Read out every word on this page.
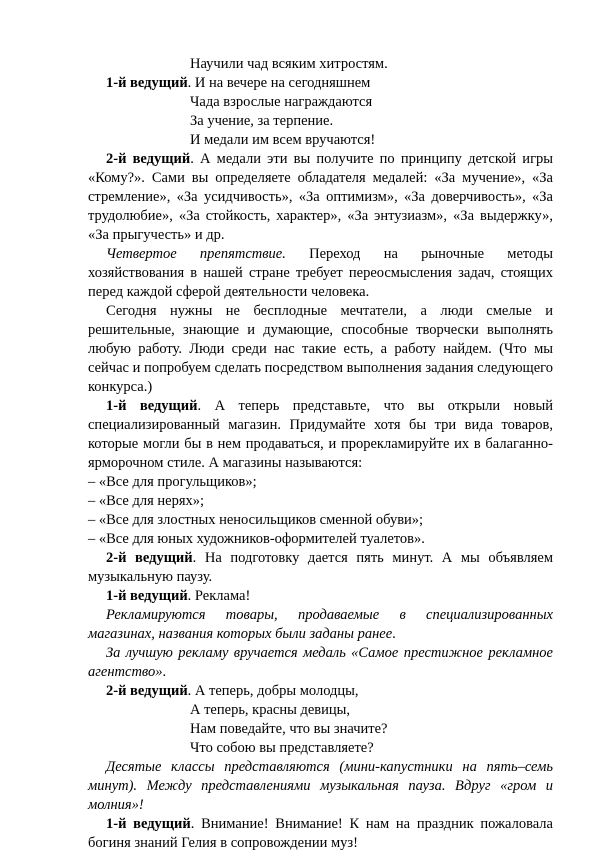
Научили чад всяким хитростям.

1-й ведущий. И на вечере на сегодняшнем

Чада взрослые награждаются
За учение, за терпение.
И медали им всем вручаются!

2-й ведущий. А медали эти вы получите по принципу детской игры «Кому?». Сами вы определяете обладателя медалей: «За мучение», «За стремление», «За усидчивость», «За оптимизм», «За доверчивость», «За трудолюбие», «За стойкость, характер», «За энтузиазм», «За выдержку», «За прыгучесть» и др.

Четвертое препятствие. Переход на рыночные методы хозяйствования в нашей стране требует переосмысления задач, стоящих перед каждой сферой деятельности человека.

Сегодня нужны не бесплодные мечтатели, а люди смелые и решительные, знающие и думающие, способные творчески выполнять любую работу. Люди среди нас такие есть, а работу найдем. (Что мы сейчас и попробуем сделать посредством выполнения задания следующего конкурса.)

1-й ведущий. А теперь представьте, что вы открыли новый специализированный магазин. Придумайте хотя бы три вида товаров, которые могли бы в нем продаваться, и прорекламируйте их в балаганно-ярморочном стиле. А магазины называются:

– «Все для прогульщиков»;

– «Все для нерях»;

– «Все для злостных неносильщиков сменной обуви»;

– «Все для юных художников-оформителей туалетов».

2-й ведущий. На подготовку дается пять минут. А мы объявляем музыкальную паузу.

1-й ведущий. Реклама!

Рекламируются товары, продаваемые в специализированных магазинах, названия которых были заданы ранее.

За лучшую рекламу вручается медаль «Самое престижное рекламное агентство».

2-й ведущий. А теперь, добры молодцы,

А теперь, красны девицы,
Нам поведайте, что вы значите?
Что собою вы представляете?

Десятые классы представляются (мини-капустники на пять–семь минут). Между представлениями музыкальная пауза. Вдруг «гром и молния»!

1-й ведущий. Внимание! Внимание! К нам на праздник пожаловала богиня знаний Гелия в сопровождении муз!
